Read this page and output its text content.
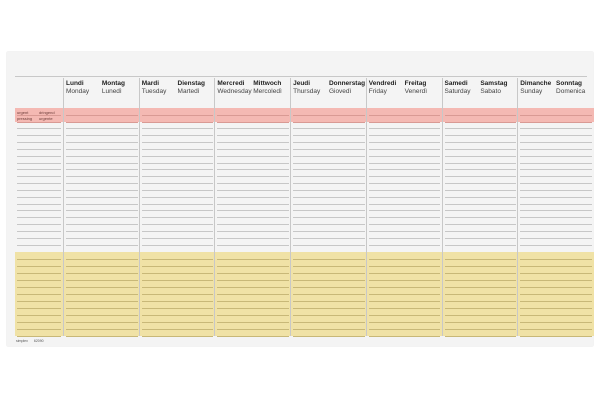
urgent	dringend
pressing urgente
Lundi
Monday
Montag
Lunedì
Mardi
Tuesday
Dienstag
Martedì
Mercredi
Wednesday
Mittwoch
Mercoledì
Jeudi
Thursday
Donnerstag
Giovedì
Vendredi
Friday
Freitag
Venerdì
Samedi
Saturday
Samstag
Sabato
Dimanche
Sunday
Sonntag
Domenica
simplex 62090
